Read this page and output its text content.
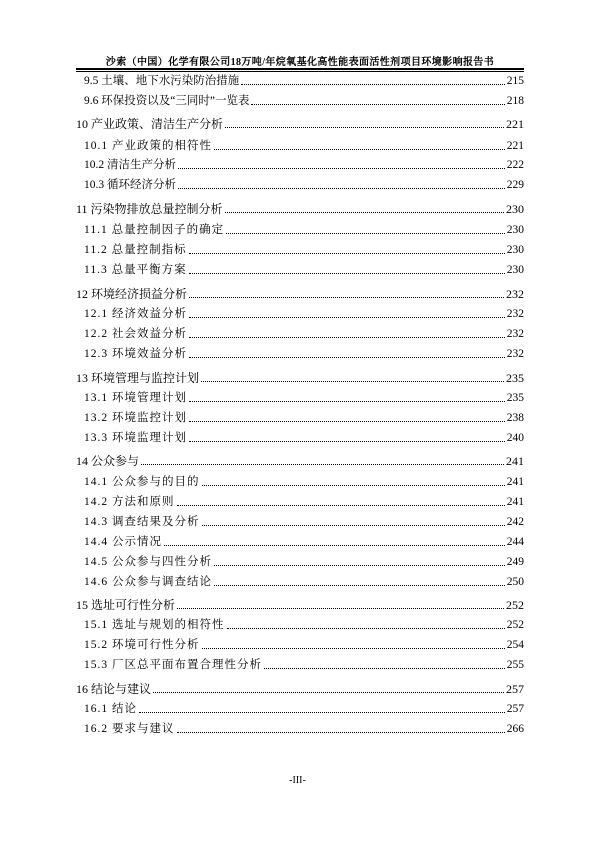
沙索（中国）化学有限公司18万吨/年烷氧基化高性能表面活性剂项目环境影响报告书
9.5 土壤、地下水污染防治措施	215
9.6 环保投资以及“三同时”一览表	218
10 产业政策、清洁生产分析	221
10.1 产业政策的相符性	221
10.2 清洁生产分析	222
10.3 循环经济分析	229
11 污染物排放总量控制分析	230
11.1 总量控制因子的确定	230
11.2 总量控制指标	230
11.3 总量平衡方案	230
12 环境经济损益分析	232
12.1 经济效益分析	232
12.2 社会效益分析	232
12.3 环境效益分析	232
13 环境管理与监控计划	235
13.1 环境管理计划	235
13.2 环境监控计划	238
13.3 环境监理计划	240
14 公众参与	241
14.1 公众参与的目的	241
14.2 方法和原则	241
14.3 调查结果及分析	242
14.4 公示情况	244
14.5 公众参与四性分析	249
14.6 公众参与调查结论	250
15 选址可行性分析	252
15.1 选址与规划的相符性	252
15.2 环境可行性分析	254
15.3 厂区总平面布置合理性分析	255
16 结论与建议	257
16.1 结论	257
16.2 要求与建议	266
-III-
